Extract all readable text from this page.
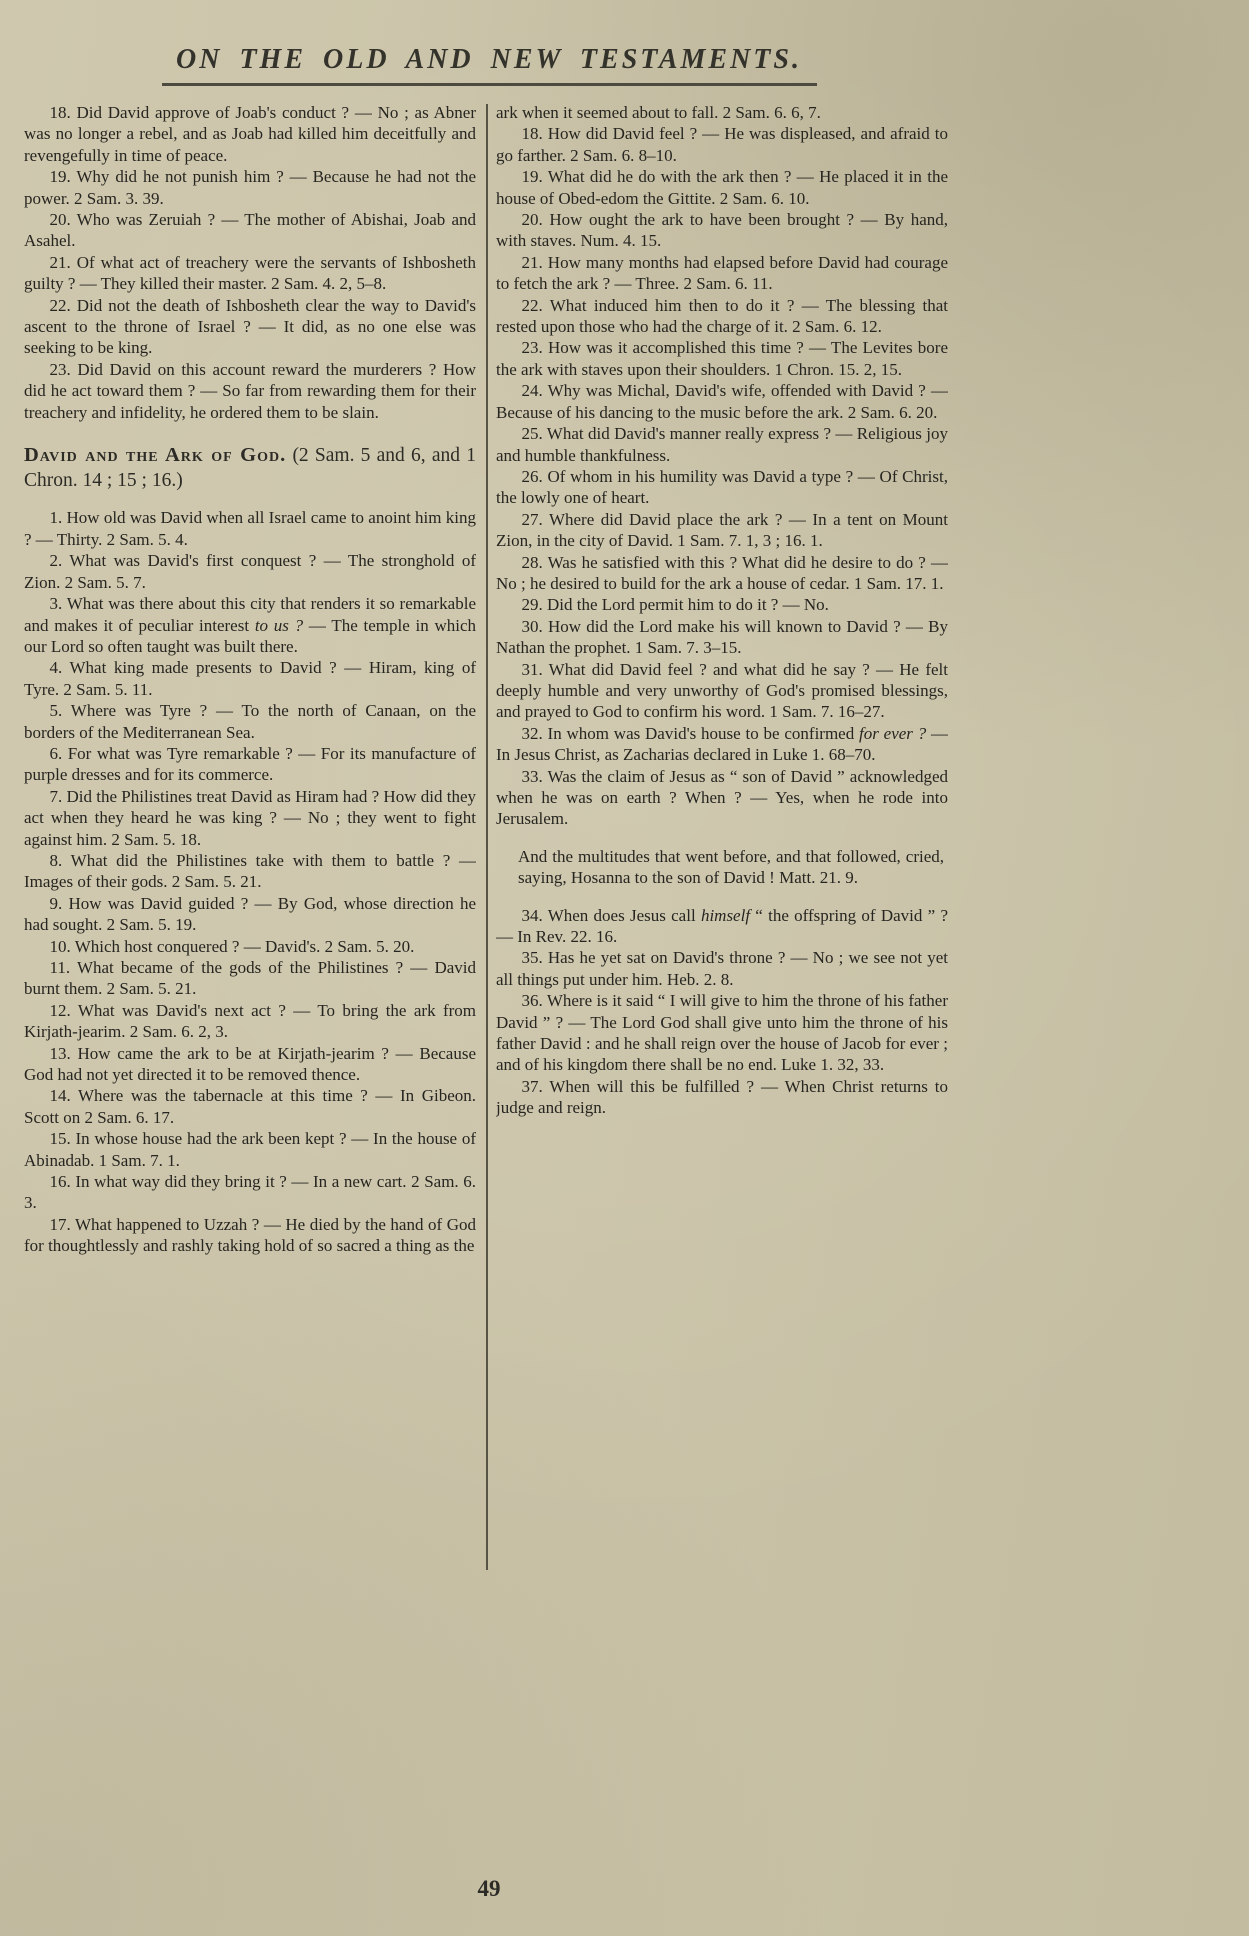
ON THE OLD AND NEW TESTAMENTS.

18. Did David approve of Joab's conduct ? — No ; as Abner was no longer a rebel, and as Joab had killed him deceitfully and revengefully in time of peace.

19. Why did he not punish him ? — Because he had not the power. 2 Sam. 3. 39.

20. Who was Zeruiah ? — The mother of Abishai, Joab and Asahel.

21. Of what act of treachery were the servants of Ishbosheth guilty ? — They killed their master. 2 Sam. 4. 2, 5–8.

22. Did not the death of Ishbosheth clear the way to David's ascent to the throne of Israel ? — It did, as no one else was seeking to be king.

23. Did David on this account reward the murderers ? How did he act toward them ? — So far from rewarding them for their treachery and infidelity, he ordered them to be slain.

David and the Ark of God. (2 Sam. 5 and 6, and 1 Chron. 14 ; 15 ; 16.)

1. How old was David when all Israel came to anoint him king ? — Thirty. 2 Sam. 5. 4.

2. What was David's first conquest ? — The stronghold of Zion. 2 Sam. 5. 7.

3. What was there about this city that renders it so remarkable and makes it of peculiar interest to us ? — The temple in which our Lord so often taught was built there.

4. What king made presents to David ? — Hiram, king of Tyre. 2 Sam. 5. 11.

5. Where was Tyre ? — To the north of Canaan, on the borders of the Mediterranean Sea.

6. For what was Tyre remarkable ? — For its manufacture of purple dresses and for its commerce.

7. Did the Philistines treat David as Hiram had ? How did they act when they heard he was king ? — No ; they went to fight against him. 2 Sam. 5. 18.

8. What did the Philistines take with them to battle ? — Images of their gods. 2 Sam. 5. 21.

9. How was David guided ? — By God, whose direction he had sought. 2 Sam. 5. 19.

10. Which host conquered ? — David's. 2 Sam. 5. 20.

11. What became of the gods of the Philistines ? — David burnt them. 2 Sam. 5. 21.

12. What was David's next act ? — To bring the ark from Kirjath-jearim. 2 Sam. 6. 2, 3.

13. How came the ark to be at Kirjath-jearim ? — Because God had not yet directed it to be removed thence.

14. Where was the tabernacle at this time ? — In Gibeon. Scott on 2 Sam. 6. 17.

15. In whose house had the ark been kept ? — In the house of Abinadab. 1 Sam. 7. 1.

16. In what way did they bring it ? — In a new cart. 2 Sam. 6. 3.

17. What happened to Uzzah ? — He died by the hand of God for thoughtlessly and rashly taking hold of so sacred a thing as the

ark when it seemed about to fall. 2 Sam. 6. 6, 7.

18. How did David feel ? — He was displeased, and afraid to go farther. 2 Sam. 6. 8–10.

19. What did he do with the ark then ? — He placed it in the house of Obed-edom the Gittite. 2 Sam. 6. 10.

20. How ought the ark to have been brought ? — By hand, with staves. Num. 4. 15.

21. How many months had elapsed before David had courage to fetch the ark ? — Three. 2 Sam. 6. 11.

22. What induced him then to do it ? — The blessing that rested upon those who had the charge of it. 2 Sam. 6. 12.

23. How was it accomplished this time ? — The Levites bore the ark with staves upon their shoulders. 1 Chron. 15. 2, 15.

24. Why was Michal, David's wife, offended with David ? — Because of his dancing to the music before the ark. 2 Sam. 6. 20.

25. What did David's manner really express ? — Religious joy and humble thankfulness.

26. Of whom in his humility was David a type ? — Of Christ, the lowly one of heart.

27. Where did David place the ark ? — In a tent on Mount Zion, in the city of David. 1 Sam. 7. 1, 3 ; 16. 1.

28. Was he satisfied with this ? What did he desire to do ? — No ; he desired to build for the ark a house of cedar. 1 Sam. 17. 1.

29. Did the Lord permit him to do it ? — No.

30. How did the Lord make his will known to David ? — By Nathan the prophet. 1 Sam. 7. 3–15.

31. What did David feel ? and what did he say ? — He felt deeply humble and very unworthy of God's promised blessings, and prayed to God to confirm his word. 1 Sam. 7. 16–27.

32. In whom was David's house to be confirmed for ever ? — In Jesus Christ, as Zacharias declared in Luke 1. 68–70.

33. Was the claim of Jesus as “ son of David ” acknowledged when he was on earth ? When ? — Yes, when he rode into Jerusalem.

And the multitudes that went before, and that followed, cried, saying, Hosanna to the son of David ! Matt. 21. 9.

34. When does Jesus call himself “ the offspring of David ” ? — In Rev. 22. 16.

35. Has he yet sat on David's throne ? — No ; we see not yet all things put under him. Heb. 2. 8.

36. Where is it said “ I will give to him the throne of his father David ” ? — The Lord God shall give unto him the throne of his father David : and he shall reign over the house of Jacob for ever ; and of his kingdom there shall be no end. Luke 1. 32, 33.

37. When will this be fulfilled ? — When Christ returns to judge and reign.

49
